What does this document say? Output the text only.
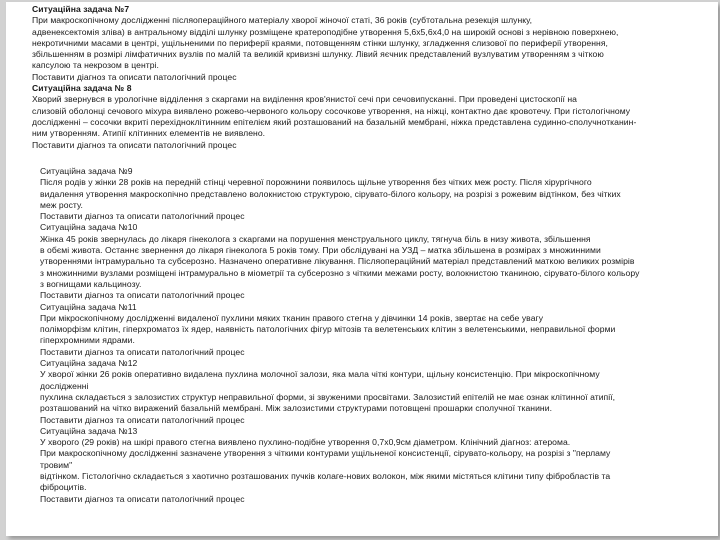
Ситуаційна задача №7
При макроскопічному дослідженні післяопераційного матеріалу хворої жіночої статі, 36 років (субтотальна резекція шлунку,
адвенексектомія зліва) в антральному відділі шлунку розміщене кратероподібне утворення 5,6х5,6х4,0 на широкій основі з нерівною поверхнею,
некротичними масами в центрі, ущільненими по периферії краями, потовщенням стінки шлунку, згладження слизової по периферії утворення,
збільшенням в розмірі лімфатичних вузлів по малій та великій кривизні шлунку. Лівий яєчник представлений вузлуватим утворенням з чіткою
капсулою та некрозом в центрі.
Поставити діагноз та описати патологічний процес
Ситуаційна задача № 8
Хворий звернувся в урологічне відділення з скаргами на виділення кров'янистої сечі при сечовипусканні. При проведені цистоскопії на
слизовій оболонці сечового міхура виявлено рожево-червоного кольору сосочкове утворення, на ніжці, контактно дає кровотечу. При гістологічному
дослідженні – сосочки вкриті перехідноклітинним епітелієм який розташований на базальній мембрані, ніжка представлена судинно-сполучнотканин-
ним утворенням. Атипії клітинних елементів не виявлено.
Поставити діагноз та описати патологічний процес
Ситуаційна задача №9
Після родів у жінки 28 років на передній стінці черевної порожнини появилось щільне утворення без чітких меж росту. Після хірургічного
видалення утворення макроскопічно представлено волокнистою структурою, сірувато-білого кольору, на розрізі з рожевим відтінком, без чітких
меж росту.
Поставити діагноз та описати патологічний процес
Ситуаційна задача №10
Жінка 45 років звернулась до лікаря гінеколога з скаргами на порушення менструального циклу, тягнуча біль в низу живота, збільшення
в обємі живота. Останнє звернення до лікаря гінеколога 5 років тому. При обслідувані на УЗД – матка збільшена в розмірах з множинними
утвореннями інтрамурально та субсерозно. Назначено оперативне лікування. Післяопераційний матеріал представлений маткою великих розмірів
з множинними вузлами розміщені інтрамурально в міометрії та субсерозно з чіткими межами росту, волокнистою тканиною, сірувато-білого кольору
з вогнищами кальцинозу.
Поставити діагноз та описати патологічний процес
Ситуаційна задача №11
При мікроскопічному дослідженні видаленої пухлини мяких тканин правого стегна у дівчинки 14 років, звертає на себе увагу
поліморфізм клітин, гіперхроматоз їх ядер, наявність патологічних фігур мітозів та велетенських клітин з велетенськими, неправильної форми
гіперхромними ядрами.
Поставити діагноз та описати патологічний процес
Ситуаційна задача №12
У хворої жінки 26 років оперативно видалена пухлина молочної залози, яка мала чіткі контури, щільну консистенцію. При мікроскопічному
дослідженні
пухлина складається з залозистих структур неправильної форми, зі звуженими просвітами. Залозистий епітелій не має ознак клітинної атипії,
розташований на чітко виражений базальній мембрані. Між залозистими структурами потовщені прошарки сполучної тканини.
Поставити діагноз та описати патологічний процес
Ситуаційна задача №13
У хворого (29 років) на шкірі правого стегна виявлено пухлино-подібне утворення 0,7х0,9см діаметром. Клінічний діагноз: атерома.
При макроскопічному дослідженні зазначене утворення з чіткими контурами ущільненої консистенції, сірувато-кольору, на розрізі з "перламу
тровим"
відтінком. Гістологічно складається з хаотично розташованих пучків колаге-нових волокон, мiж якими містяться клітини типу фібробластів та
фіброцитів.
Поставити діагноз та описати патологічний процес
